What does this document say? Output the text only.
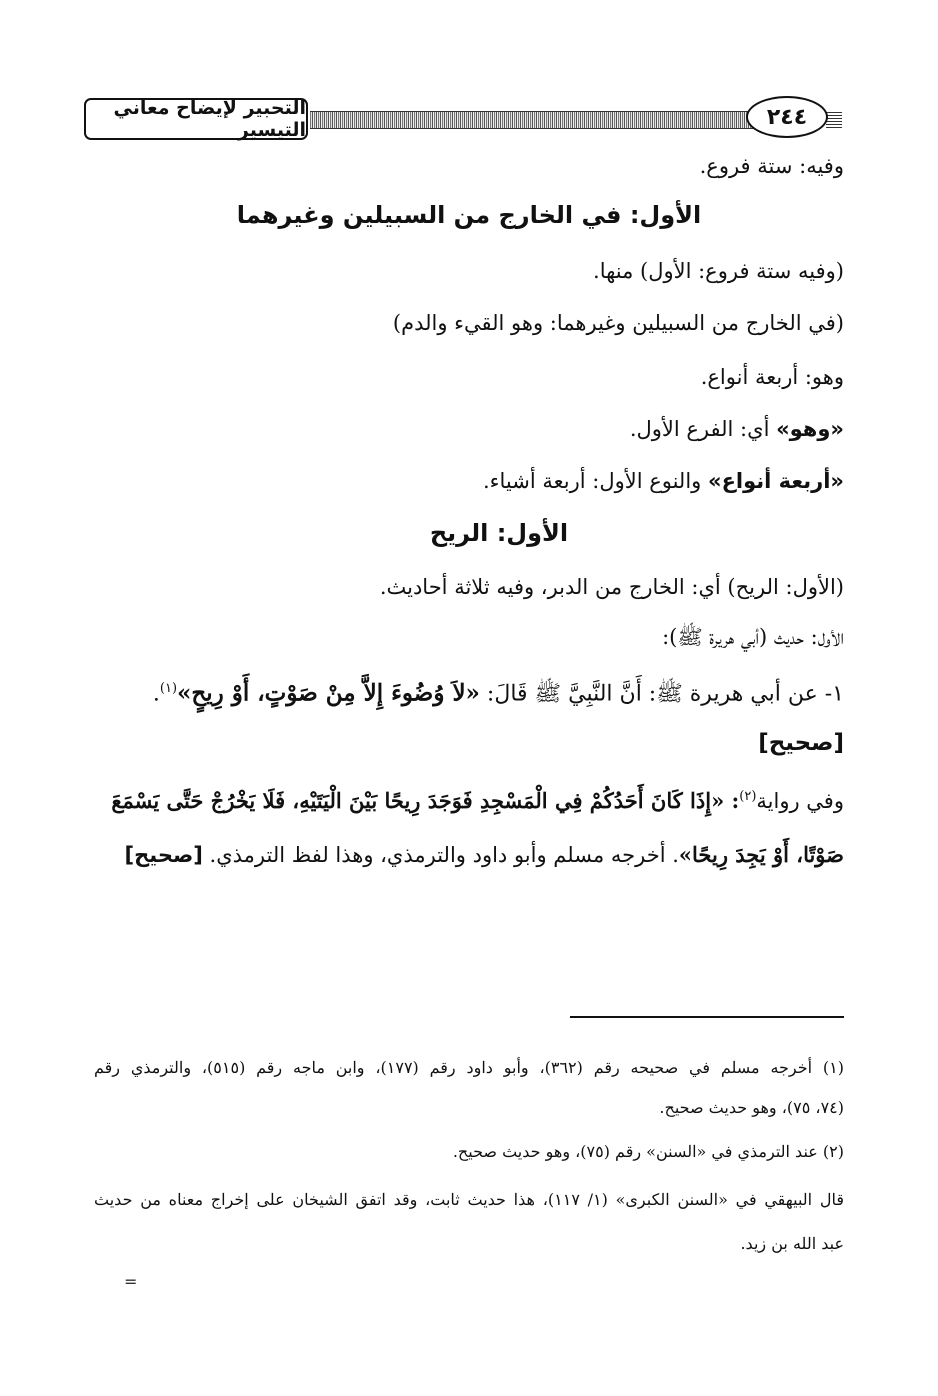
التحبير لإيضاح معاني التيسير
٢٤٤
وفيه: ستة فروع.
الأول: في الخارج من السبيلين وغيرهما
(وفيه ستة فروع: الأول) منها.
(في الخارج من السبيلين وغيرهما: وهو القيء والدم)
وهو: أربعة أنواع.
«وهو» أي: الفرع الأول.
«أربعة أنواع» والنوع الأول: أربعة أشياء.
الأول: الريح
(الأول: الريح) أي: الخارج من الدبر، وفيه ثلاثة أحاديث.
الأول: حديث (أبي هريرة ﷺ):
١- عن أبي هريرة ﷺ: أَنَّ النَّبِيَّ ﷺ قَالَ: «لاَ وُضُوءَ إِلاَّ مِنْ صَوْتٍ، أَوْ رِيحٍ»$^{(١)}$.
[صحيح]
وفي رواية$^{(٢)}$: «إِذَا كَانَ أَحَدُكُمْ فِي الْمَسْجِدِ فَوَجَدَ رِيحًا بَيْنَ الْيَتَيْهِ، فَلَا يَخْرُجْ حَتَّى يَسْمَعَ
صَوْتًا، أَوْ يَجِدَ رِيحًا». أخرجه مسلم وأبو داود والترمذي، وهذا لفظ الترمذي. [صحيح]
(١) أخرجه مسلم في صحيحه رقم (٣٦٢)، وأبو داود رقم (١٧٧)، وابن ماجه رقم (٥١٥)، والترمذي رقم
(٧٤، ٧٥)، وهو حديث صحيح.
(٢) عند الترمذي في «السنن» رقم (٧٥)، وهو حديث صحيح.
قال البيهقي في «السنن الكبرى» (١/ ١١٧)، هذا حديث ثابت، وقد اتفق الشيخان على إخراج معناه من حديث
عبد الله بن زيد.
=
